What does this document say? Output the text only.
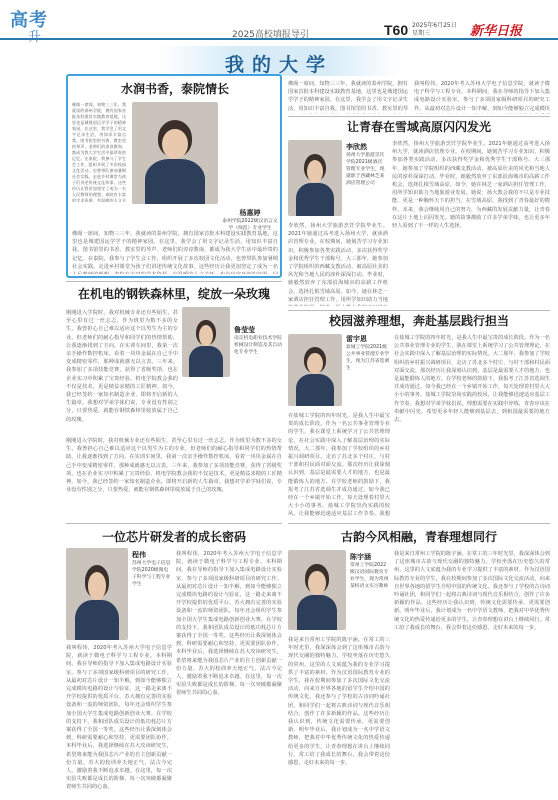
高考
升	2025高校填报导引	T60 2025年6月25日
星期三	新华日报
我的大学
水润书香，泰院情长
佛阁一席间，知物三三年，我就读的泰州学院，拥有国家首批本科建设实践教育基地，这里也是城建国运学学子的精神家园。在这里，我学会了用文字记录生活，用知识丰富自我。图书馆里的书香、教室里的琴声、老师们的谆谆教诲，都成为我大学生活中最珍贵的记忆。在泰院，我参与了学生会工作，组织开展了多次校园文化活动，也曾带队参加暑期社会实践，走进乡村课堂为孩子们讲述传统文化故事。这些经历让我更加坚定了成为一名人民教师的理想。泰院有丰富的学术资源，有温暖的人文关
杨惠婷
泰州学院2022级汉语言文学（师范）专业学生
佛阁一席间，知物三三年，我就读的泰州学院，拥有国家首批本科建设实践教育基地，这里也是城建国运学学子的精神家园。在这里，我学会了用文字记录生活，用知识丰富自我。图书馆里的书香、教室里的琴声、老师们的谆谆教诲，都成为我大学生活中最珍贵的记忆。在泰院，我参与了学生会工作，组织开展了多次校园文化活动，也曾带队参加暑期社会实践，走进乡村课堂为孩子们讲述传统文化故事。这些经历让我更加坚定了成为一名
在机电的钢铁森林里，绽放一朵玫瑰
刚刚进入学院时，我对机械专业还有些陌生，甚至心里有过一丝忐忑。作为班里为数不多的女生，我曾担心自己难以适应这个以男生为主的专业。但老师们的耐心指导和同学们的热情帮助，让我逐渐找到了方向。在实训车间里，我第一次亲手操作数控机床，看着一块块金属在自己手中变成精密零件，那种成就感无以言表。三年来，我参加了多项技能竞赛，获得了省级奖项，也在企业实习中积累了宝贵经验。机电学院教会我的不仅是技术，更是精益求精的工匠精神。如今，我已经签约一家知名制造企业，即将开启新的人生篇章。我想对学弟学妹们说，专业没有性别之分，只要热爱，就能在钢铁森林里绽放属于自己的玫瑰。
鲁莹莹
南京机电职业技术学院机械设计制造及其自动化专业学生
刚刚进入学院时，我对机械专业还有些陌生，甚至心里有过一丝忐忑。作为班里为数不多的女生，我曾担心自己难以适应这个以男生为主的专业。但老师们的耐心指导和同学们的热情帮助，让我逐渐找到了方向。在实训车间里，我第一次亲手操作数控机床，看着一块块金属在自己手中变成精密零件，那种成就感无以言表。三年来，我参加了多项技能竞赛，获得了省级奖项，也在企业实习中积累了宝贵经验。机电学院教会我的不仅是技术，更是精益求精的工匠精神。如今，我已经签约一家知名制造企业，即将开启新的人生篇章。我想对学弟学妹们说，专业没有性别之分，只要热爱，就能在钢铁森林里绽放属于自己的玫瑰。
一位芯片研发者的成长密码
程伟
苏州大学电子信息学院2020级微电子科学与工程专业学生
我叫程伟，2020年考入苏州大学电子信息学院，就读于微电子科学与工程专业。本科期间，我在导师的指导下加入集成电路设计实验室，参与了多项国家级科研项目的研究工作。从最初对芯片设计一知半解，到如今能够独立完成模块电路的设计与验证，这一路走来离不开学校提供的优质平台。苏大拥有完善的实验设备和一流的师资团队，每年还会组织学生参加全国大学生集成电路创新创业大赛。在学校的支持下，我和团队成员设计的低功耗芯片方案获得了全国一等奖。这些经历让我深刻体会到，科研需要耐心和坚持，更需要团队协作。本科毕业后，我选择继续在苏大攻读研究生，希望将来能为我国芯片产业的自主创新贡献一份力量。苏大的校训养天地正气，法古今完人，激励着我不断追求卓越。在这里，每一次实验失败都是成长的阶梯，每一次突破都凝聚着师生共同的心血。
我叫程伟，2020年考入苏州大学电子信息学院，就读于微电子科学与工程专业。本科期间，我在导师的指导下加入集成电路设计实验室，参与了多项国家级科研项目的研究工作。从最初对芯片设计一知半解，到如今能够独立完成模块电路的设计与验证，这一路走来离不开学校提供的优质平台。苏大拥有完善的实验设备和一流的师资团队，每年还会组织学生参加全国大学生集成电路创新创业大赛。在学校的支持下，我和团队成员设计的低功耗芯片方案获得了全国一等奖。这些经历让我深刻体会到，科研需要耐心和坚持，更需要团队协作。本科毕业后，我选择继续在苏大攻读研究生，希望将来能为我国芯片产业的自主创新贡献一份力量。苏大的校训养天地正气，法古今完人，激励着我不断追求卓越。在这里，每一次实验失败都是成长的阶梯，每一次突破都凝聚着师生共同的心血。
佛阁一席间，知物三三年，我就读的泰州学院，拥有国家首批本科建设实践教育基地，这里也是城建国运学学子的精神家园。在这里，我学会了用文字记录生活，用知识丰富自我。图书馆里的书香、教室里的琴
我叫程伟，2020年考入苏州大学电子信息学院，就读于微电子科学与工程专业。本科期间，我在导师的指导下加入集成电路设计实验室，参与了多项国家级科研项目的研究工作。从最初对芯片设计一知半解，到如今能够独立完成模块
让青春在雪域高原闪闪发光
李欣然
扬州大学旅游烹饪学院2021级酒店管理专业学生，现就职于西藏林芝某酒店管理公司
李欣然，扬州大学旅游烹饪学院毕业生。2021年她通过高考进入扬州大学，就读酒店管理专业。在校期间，她刻苦学习专业知识，积极参加各类实践活动，多次获得奖学金和优秀学生干部称号。大三那年，她参加了学院组织的西藏支教活动，被高原壮美的风光和当地人民的淳朴深深打动。毕业时，她毅然放弃了东部沿海城市的高薪工作机会，选择扎根雪域高原。如今，她在林芝一家酒店担任管理工作，用所学知识助力当地旅游业发展。她说：扬大教会我的不只是专业技能，更是一种胸怀天下的担当。在雪域高原，我找到了青春最好的模样。未来，我会继续用自己的努力，为西藏的发展贡献力量，让青春在这片土地上闪闪发光。她的故事激励了许多学弟学妹，也让更多年轻人看到了不一样的人生选择。
李欣然，扬州大学旅游烹饪学院毕业生。2021年她通过高考进入扬州大学，就读酒店管理专业。在校期间，她刻苦学习专业知识，积极参加各类实践活动，多次获得奖学金和优秀学生干部称号。大三那年，她参加了学院组织的西藏支教活动，被高原壮美的风光和当地人民的淳朴深深打动。毕业时，她毅然放弃了东部沿海城市的高薪工作机会，选择扎根雪域高原。如今，她在林芝一家酒店担任管理工作，用所学知识助力当地
校园滋养理想，奔赴基层践行担当
雷宇恩
盐城工学院2021级公共事业管理专业学生，现为江苏省选调生
在盐城工学院的四年时光，是我人生中最宝贵的成长阶段。作为一名公共事业管理专业的学生，我在课堂上系统学习了公共管理理论，在社会实践中深入了解基层治理的实际情况。大二那年，我参加了学校组织的乡村振兴调研项目，走访了苏北多个村庄，与村干部和村民面对面交流。那次经历让我深刻认识到，基层是最需要人才的地方，也是最能锻炼人的地方。在学校老师的鼓励下，我报考了江苏省选调生并成功通过。如今我已经在一个乡镇开始工作，每天处理着村里大大小小的事务。盐城工学院崇尚实践的校风，让我能够迅速适应基层工作节奏。我想对学弟学妹们说，理想需要在实践中淬炼，青春应该在奉献中闪光。希望更多年轻人能够到基层去，到祖国最需要的地方去。
在盐城工学院的四年时光，是我人生中最宝贵的成长阶段。作为一名公共事业管理专业的学生，我在课堂上系统学习了公共管理理论，在社会实践中深入了解基层治理的实际情况。大二那年，我参加了学校组织的乡村振兴调研项目，走访了苏北多个村庄，与村干部和村民面对面交流。那次经历让我深刻认识到，基层是最需要人才的地方，也是最能锻炼人的地方。在学校老师的鼓励下，我报考了江苏省选调生并成功通过。如今我已经在一个乡镇开始工作，每天处理着村里大大小小的事务。盐城工学院崇尚实践的校风，让我能够迅速适应基层工作节奏。我想
古韵今风相融，青春理想同行
陈宇涵
常州工学院2022级汉语国际教育专业学生，现为常州某校语文实习教师
我是来自常州工学院的陈宇涵。在常工的三年时光里，我深深体会到了这座城市古韵与现代交融的独特魅力。学校坐落在历史悠久的常州，这里的人文底蕴为我的专业学习提供了丰富的素材。作为汉语国际教育专业的学生，我在校期间参加了多次国际文化交流活动，向来自世界各地的留学生介绍中国的传统文化。我还参与了学校的古诗词吟诵社团，和同学们一起将古典诗词与现代音乐相结合，创作了许多新颖的作品。这些经历让我认识到，传统文化需要传承，更需要创新。明年毕业后，我计划成为一名中学语文教师，把我对中华优秀传统文化的热爱传递给更多的学生，让青春理想在讲台上继续同行。常工给了我成长的舞台，我会带着这份感恩，走好未来的每一步。
我是来自常州工学院的陈宇涵。在常工的三年时光里，我深深体会到了这座城市古韵与现代交融的独特魅力。学校坐落在历史悠久的常州，这里的人文底蕴为我的专业学习提供了丰富的素材。作为汉语国际教育专业的学生，我在校期间参加了多次国际文化交流活动，向来自世界各地的留学生介绍中国的传统文化。我还参与了学校的古诗词吟诵社团，和同学们一起将古典诗词与现代音乐相结合，创作了许多新颖的作品。这些经历让我认识到，传统文化需要传承，更需要创新。明年毕业后，我计划成为一名中学语文教师，把我对中华优秀传统文化的热爱传递给更多的学生，让青春理想在讲台上继续同行。常工给了我成长的舞台，我会带着这份感恩，走好未来的每一步。
